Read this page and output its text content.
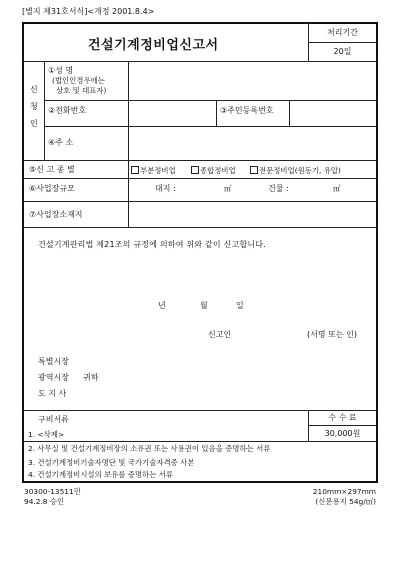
[별지 제31호서식]<개정 2001.8.4>
건설기계정비업신고서
처리기간
20일
신
청
인
①성 명
(법인인경우에는
상호 및 대표자)
②전화번호	③주민등록번호
④주 소
⑤신 고 종 별	부분정비업	종합정비업	전문정비업(원동기, 유압)
⑥사업장규모	대지 :	㎡	건물 :	㎡
⑦사업장소재지
건설기계관리법 제21조의 규정에 의하여 위와 같이 신고합니다.
년	월	일
신고인	(서명 또는 인)
특별시장
광역시장 귀하
도 지 사
구비서류	수 수 료
30,000원
1. <삭제>
2. 사무실 및 건설기계정비장의 소유권 또는 사용권이 있음을 증명하는 서류
3. 건설기계정비기술자명단 및 국가기술자격증 사본
4. 건설기계정비시설의 보유를 증명하는 서류
30300-13511민
94.2.8 승인
210mm×297mm
(신문용지 54g/㎡)
